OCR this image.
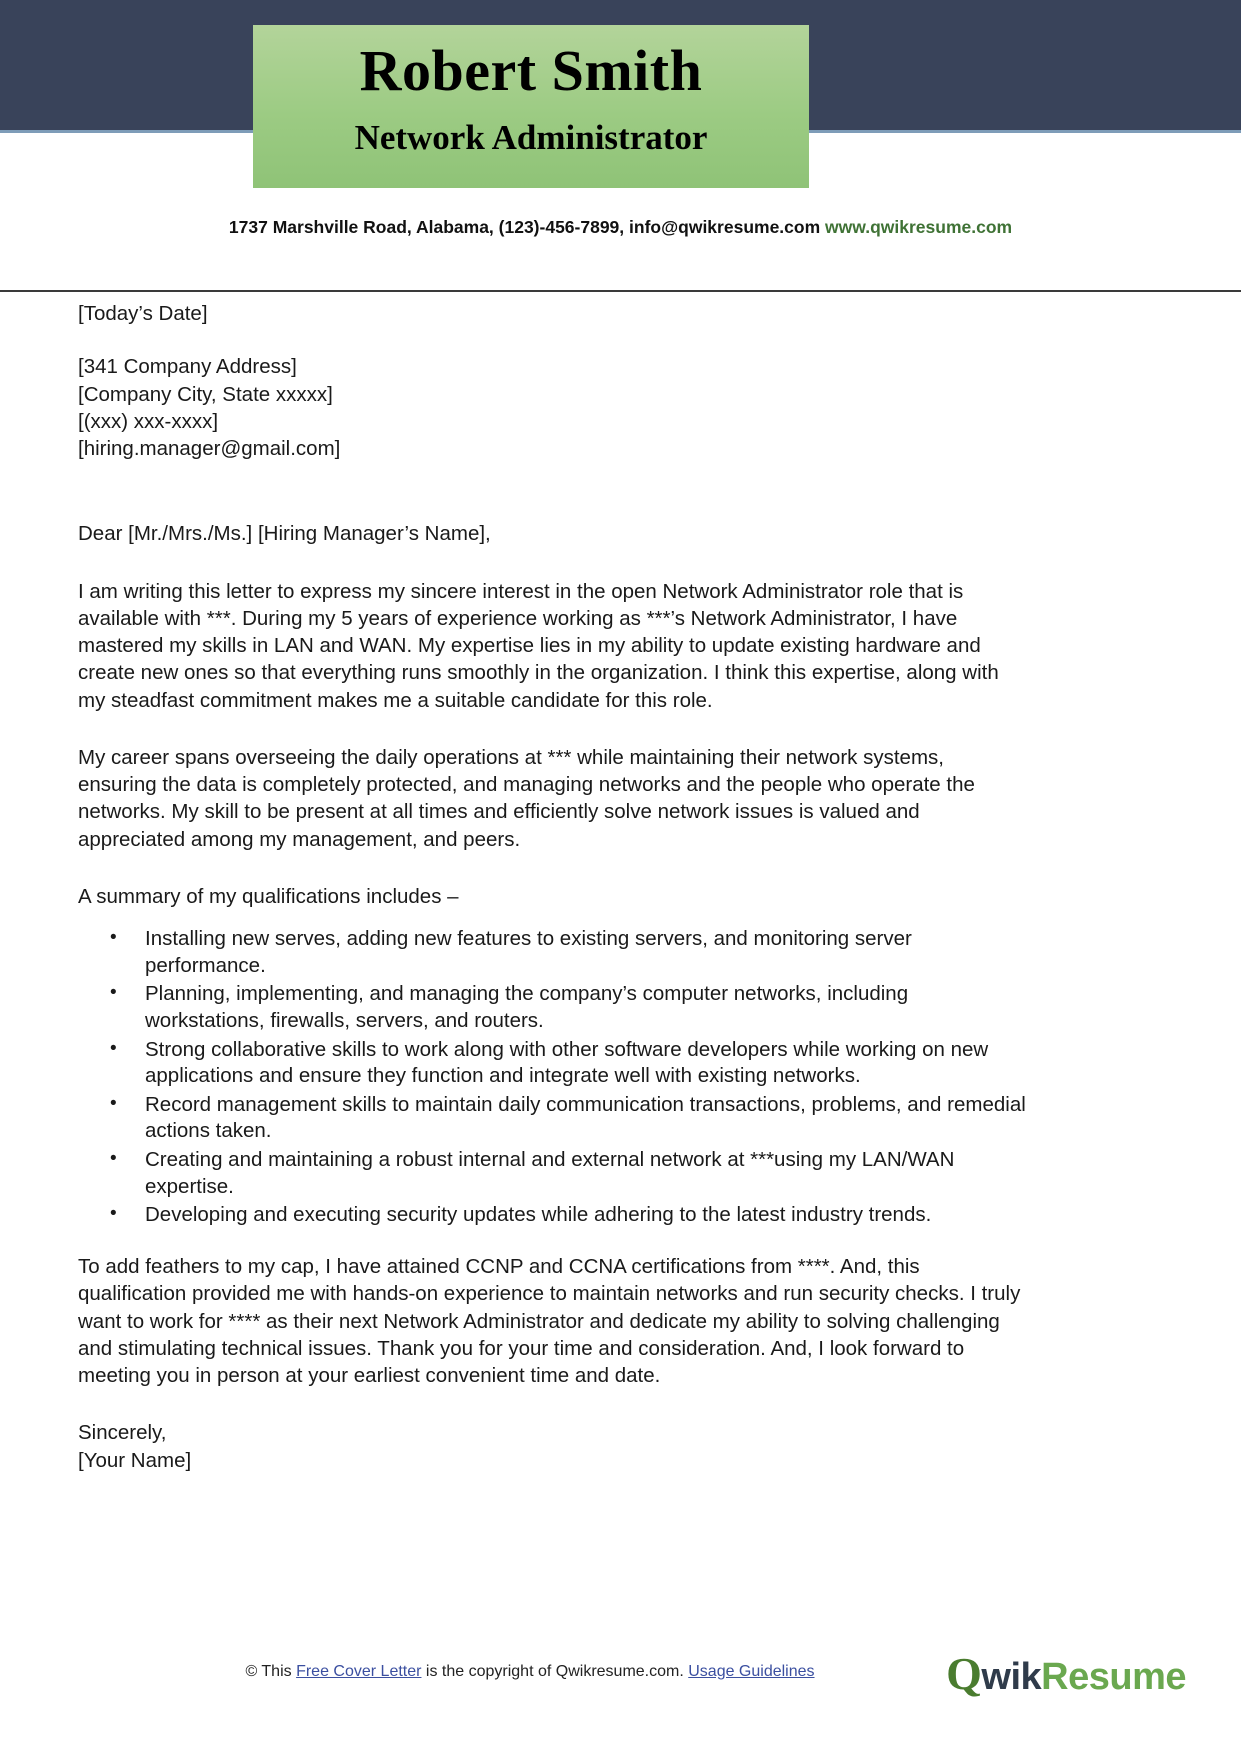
Robert Smith
Network Administrator
1737 Marshville Road, Alabama, (123)-456-7899, info@qwikresume.com www.qwikresume.com
[Today’s Date]
[341 Company Address]
[Company City, State xxxxx]
[(xxx) xxx-xxxx]
[hiring.manager@gmail.com]
Dear [Mr./Mrs./Ms.] [Hiring Manager’s Name],
I am writing this letter to express my sincere interest in the open Network Administrator role that is available with ***. During my 5 years of experience working as ***’s Network Administrator, I have mastered my skills in LAN and WAN. My expertise lies in my ability to update existing hardware and create new ones so that everything runs smoothly in the organization. I think this expertise, along with my steadfast commitment makes me a suitable candidate for this role.
My career spans overseeing the daily operations at *** while maintaining their network systems, ensuring the data is completely protected, and managing networks and the people who operate the networks. My skill to be present at all times and efficiently solve network issues is valued and appreciated among my management, and peers.
A summary of my qualifications includes –
• Installing new serves, adding new features to existing servers, and monitoring server performance.
• Planning, implementing, and managing the company’s computer networks, including workstations, firewalls, servers, and routers.
• Strong collaborative skills to work along with other software developers while working on new applications and ensure they function and integrate well with existing networks.
• Record management skills to maintain daily communication transactions, problems, and remedial actions taken.
• Creating and maintaining a robust internal and external network at ***using my LAN/WAN expertise.
• Developing and executing security updates while adhering to the latest industry trends.
To add feathers to my cap, I have attained CCNP and CCNA certifications from ****. And, this qualification provided me with hands-on experience to maintain networks and run security checks. I truly want to work for **** as their next Network Administrator and dedicate my ability to solving challenging and stimulating technical issues. Thank you for your time and consideration. And, I look forward to meeting you in person at your earliest convenient time and date.
Sincerely,
[Your Name]
© This Free Cover Letter is the copyright of Qwikresume.com. Usage Guidelines	QwikResume
